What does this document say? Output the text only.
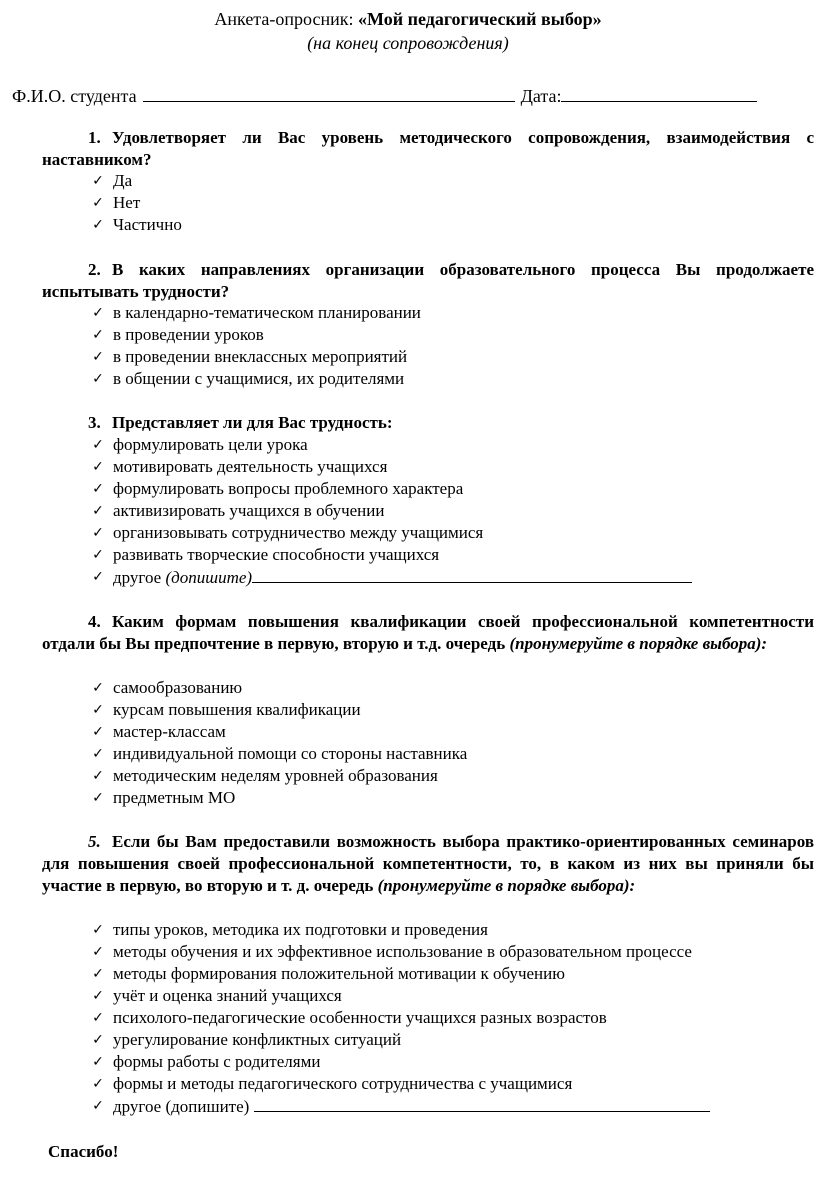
Анкета-опросник: «Мой педагогический выбор»
(на конец сопровождения)
Ф.И.О. студента	Дата:
1. Удовлетворяет ли Вас уровень методического сопровождения, взаимодействия с наставником?
✓ Да
✓ Нет
✓ Частично
2. В каких направлениях организации образовательного процесса Вы продолжаете испытывать трудности?
✓ в календарно-тематическом планировании
✓ в проведении уроков
✓ в проведении внеклассных мероприятий
✓ в общении с учащимися, их родителями
3. Представляет ли для Вас трудность:
✓ формулировать цели урока
✓ мотивировать деятельность учащихся
✓ формулировать вопросы проблемного характера
✓ активизировать учащихся в обучении
✓ организовывать сотрудничество между учащимися
✓ развивать творческие способности учащихся
✓ другое (допишите)
4. Каким формам повышения квалификации своей профессиональной компетентности отдали бы Вы предпочтение в первую, вторую и т.д. очередь (пронумеруйте в порядке выбора):
✓ самообразованию
✓ курсам повышения квалификации
✓ мастер-классам
✓ индивидуальной помощи со стороны наставника
✓ методическим неделям уровней образования
✓ предметным МО
5. Если бы Вам предоставили возможность выбора практико-ориентированных семинаров для повышения своей профессиональной компетентности, то, в каком из них вы приняли бы участие в первую, во вторую и т. д. очередь (пронумеруйте в порядке выбора):
✓ типы уроков, методика их подготовки и проведения
✓ методы обучения и их эффективное использование в образовательном процессе
✓ методы формирования положительной мотивации к обучению
✓ учёт и оценка знаний учащихся
✓ психолого-педагогические особенности учащихся разных возрастов
✓ урегулирование конфликтных ситуаций
✓ формы работы с родителями
✓ формы и методы педагогического сотрудничества с учащимися
✓ другое (допишите)
Спасибо!
